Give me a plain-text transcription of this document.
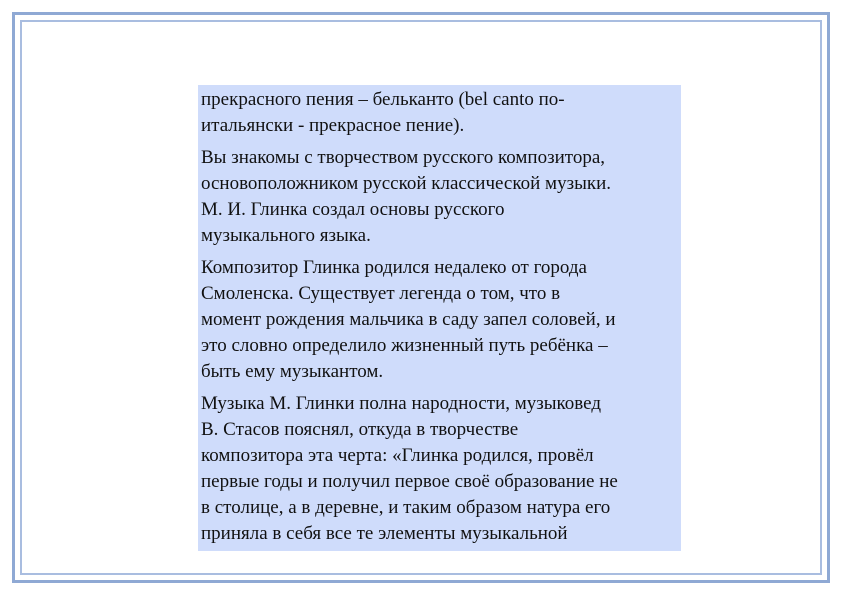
прекрасного пения – бельканто (bel canto по-
итальянски - прекрасное пение).

Вы знакомы с творчеством русского композитора,
основоположником русской классической музыки.
М. И. Глинка создал основы русского
музыкального языка.

Композитор Глинка родился недалеко от города
Смоленска. Существует легенда о том, что в
момент рождения мальчика в саду запел соловей, и
это словно определило жизненный путь ребёнка –
быть ему музыкантом.

Музыка М. Глинки полна народности, музыковед
В. Стасов пояснял, откуда в творчестве
композитора эта черта: «Глинка родился, провёл
первые годы и получил первое своё образование не
в столице, а в деревне, и таким образом натура его
приняла в себя все те элементы музыкальной
